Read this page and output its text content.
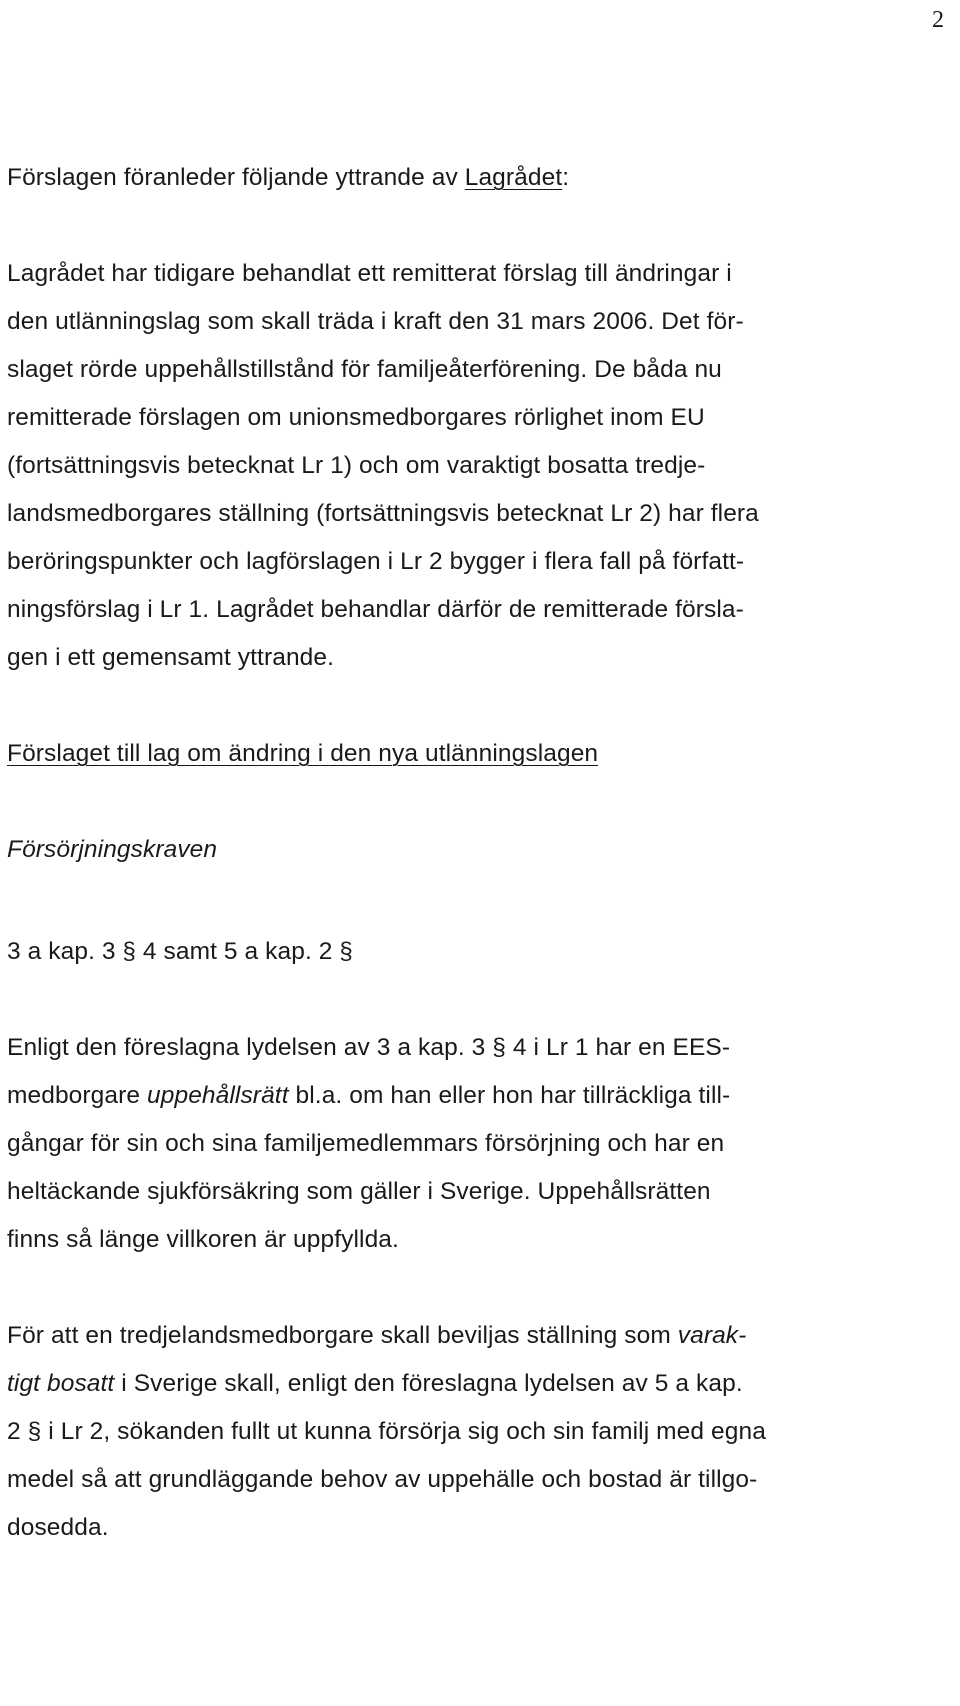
2
Förslagen föranleder följande yttrande av Lagrådet:
Lagrådet har tidigare behandlat ett remitterat förslag till ändringar i
den utlänningslag som skall träda i kraft den 31 mars 2006. Det för-
slaget rörde uppehållstillstånd för familjeåterförening. De båda nu
remitterade förslagen om unionsmedborgares rörlighet inom EU
(fortsättningsvis betecknat Lr 1) och om varaktigt bosatta tredje-
landsmedborgares ställning (fortsättningsvis betecknat Lr 2) har flera
beröringspunkter och lagförslagen i Lr 2 bygger i flera fall på författ-
ningsförslag i Lr 1. Lagrådet behandlar därför de remitterade försla-
gen i ett gemensamt yttrande.
Förslaget till lag om ändring i den nya utlänningslagen
Försörjningskraven
3 a kap. 3 § 4 samt 5 a kap. 2 §
Enligt den föreslagna lydelsen av 3 a kap. 3 § 4 i Lr 1 har en EES-
medborgare uppehållsrätt bl.a. om han eller hon har tillräckliga till-
gångar för sin och sina familjemedlemmars försörjning och har en
heltäckande sjukförsäkring som gäller i Sverige. Uppehållsrätten
finns så länge villkoren är uppfyllda.
För att en tredjelandsmedborgare skall beviljas ställning som varak-
tigt bosatt i Sverige skall, enligt den föreslagna lydelsen av 5 a kap.
2 § i Lr 2, sökanden fullt ut kunna försörja sig och sin familj med egna
medel så att grundläggande behov av uppehälle och bostad är tillgo-
dosedda.
